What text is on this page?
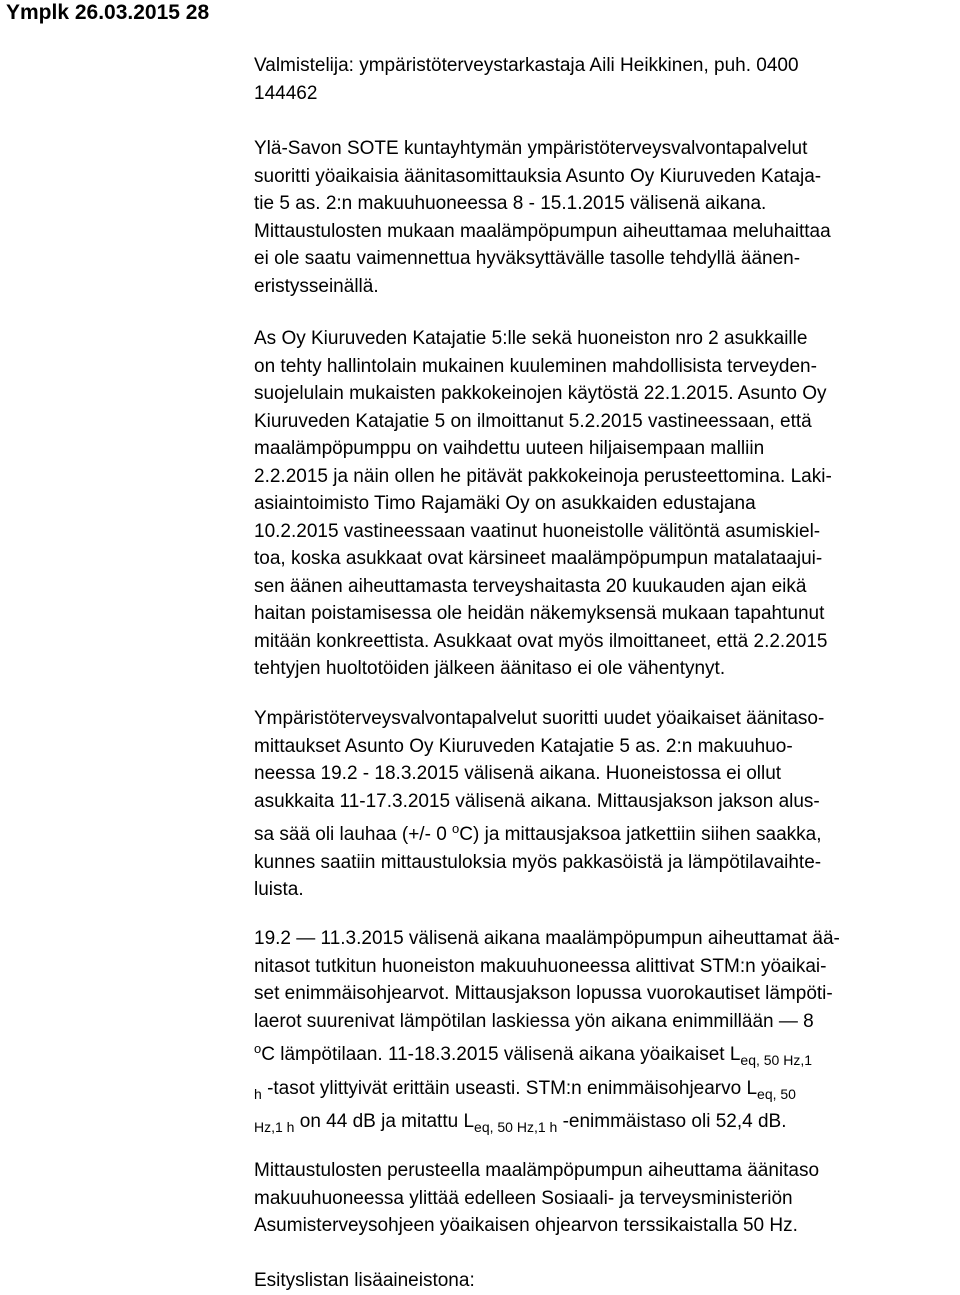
Ymplk 26.03.2015 28
Valmistelija: ympäristöterveystarkastaja Aili Heikkinen, puh. 0400
144462
Ylä-Savon SOTE kuntayhtymän ympäristöterveysvalvontapalvelut
suoritti yöaikaisia äänitasomittauksia Asunto Oy Kiuruveden Kataja-
tie 5 as. 2:n makuuhuoneessa 8 - 15.1.2015 välisenä aikana.
Mittaustulosten mukaan maalämpöpumpun aiheuttamaa meluhaittaa
ei ole saatu vaimennettua hyväksyttävälle tasolle tehdyllä äänen-
eristysseinällä.
As Oy Kiuruveden Katajatie 5:lle sekä huoneiston nro 2 asukkaille
on tehty hallintolain mukainen kuuleminen mahdollisista terveyden-
suojelulain mukaisten pakkokeinojen käytöstä 22.1.2015. Asunto Oy
Kiuruveden Katajatie 5 on ilmoittanut 5.2.2015 vastineessaan, että
maalämpöpumppu on vaihdettu uuteen hiljaisempaan malliin
2.2.2015 ja näin ollen he pitävät pakkokeinoja perusteettomina. Laki-
asiaintoimisto Timo Rajamäki Oy on asukkaiden edustajana
10.2.2015 vastineessaan vaatinut huoneistolle välitöntä asumiskiel-
toa, koska asukkaat ovat kärsineet maalämpöpumpun matalataajui-
sen äänen aiheuttamasta terveyshaitasta 20 kuukauden ajan eikä
haitan poistamisessa ole heidän näkemyksensä mukaan tapahtunut
mitään konkreettista. Asukkaat ovat myös ilmoittaneet, että 2.2.2015
tehtyjen huoltotöiden jälkeen äänitaso ei ole vähentynyt.
Ympäristöterveysvalvontapalvelut suoritti uudet yöaikaiset äänitaso-
mittaukset Asunto Oy Kiuruveden Katajatie 5 as. 2:n makuuhuo-
neessa 19.2 - 18.3.2015 välisenä aikana. Huoneistossa ei ollut
asukkaita 11-17.3.2015 välisenä aikana. Mittausjakson jakson alus-
sa sää oli lauhaa (+/- 0 $^o$C) ja mittausjaksoa jatkettiin siihen saakka,
kunnes saatiin mittaustuloksia myös pakkasöistä ja lämpötilavaihte-
luista.
19.2 — 11.3.2015 välisenä aikana maalämpöpumpun aiheuttamat ää-
nitasot tutkitun huoneiston makuuhuoneessa alittivat STM:n yöaikai-
set enimmäisohjearvot. Mittausjakson lopussa vuorokautiset lämpöti-
laerot suurenivat lämpötilan laskiessa yön aikana enimmillään — 8
$^o$C lämpötilaan. 11-18.3.2015 välisenä aikana yöaikaiset $L_{eq, 50 Hz,1}$
$_h$ -tasot ylittyivät erittäin useasti. STM:n enimmäisohjearvo $L_{eq, 50}$
$_{Hz,1 h}$ on 44 dB ja mitattu $L_{eq, 50 Hz,1 h}$ -enimmäistaso oli 52,4 dB.
Mittaustulosten perusteella maalämpöpumpun aiheuttama äänitaso
makuuhuoneessa ylittää edelleen Sosiaali- ja terveysministeriön
Asumisterveysohjeen yöaikaisen ohjearvon terssikaistalla 50 Hz.
Esityslistan lisäaineistona:
